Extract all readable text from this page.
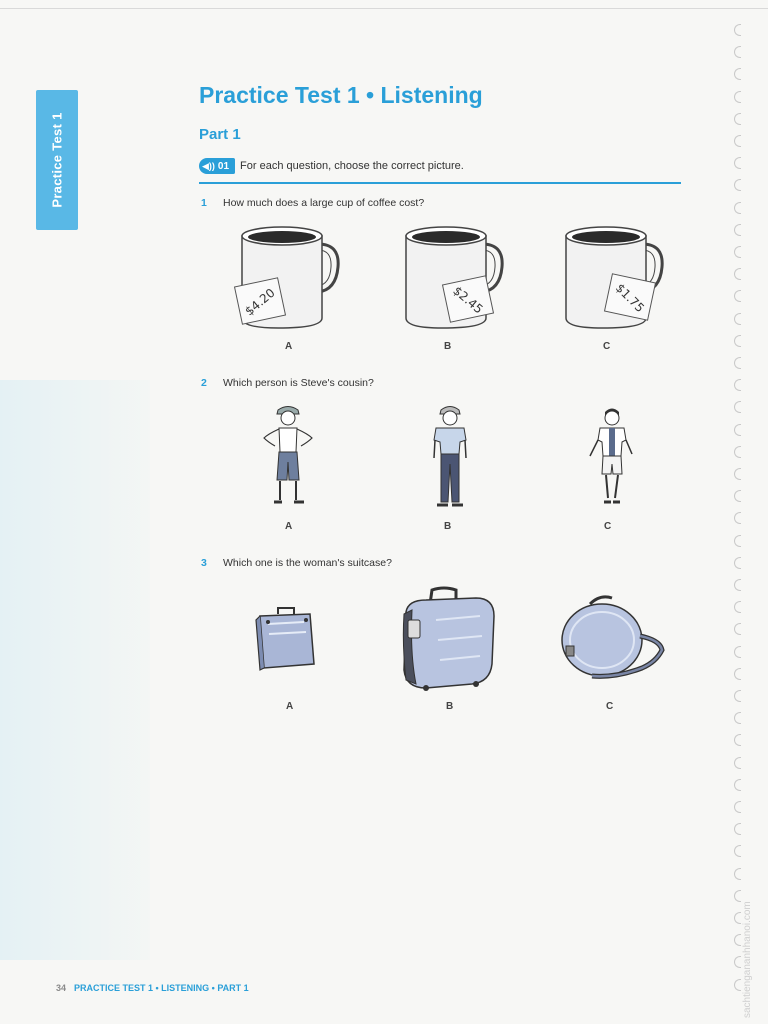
Practice Test 1
Practice Test 1 • Listening
Part 1
◀)) 01 For each question, choose the correct picture.
1 How much does a large cup of coffee cost?
$4.20
A
$2.45
B
$1.75
C
2 Which person is Steve's cousin?
A	B	C
3 Which one is the woman's suitcase?
A	B	C
34 PRACTICE TEST 1 • LISTENING • PART 1	sachtiengananhhanoi.com
